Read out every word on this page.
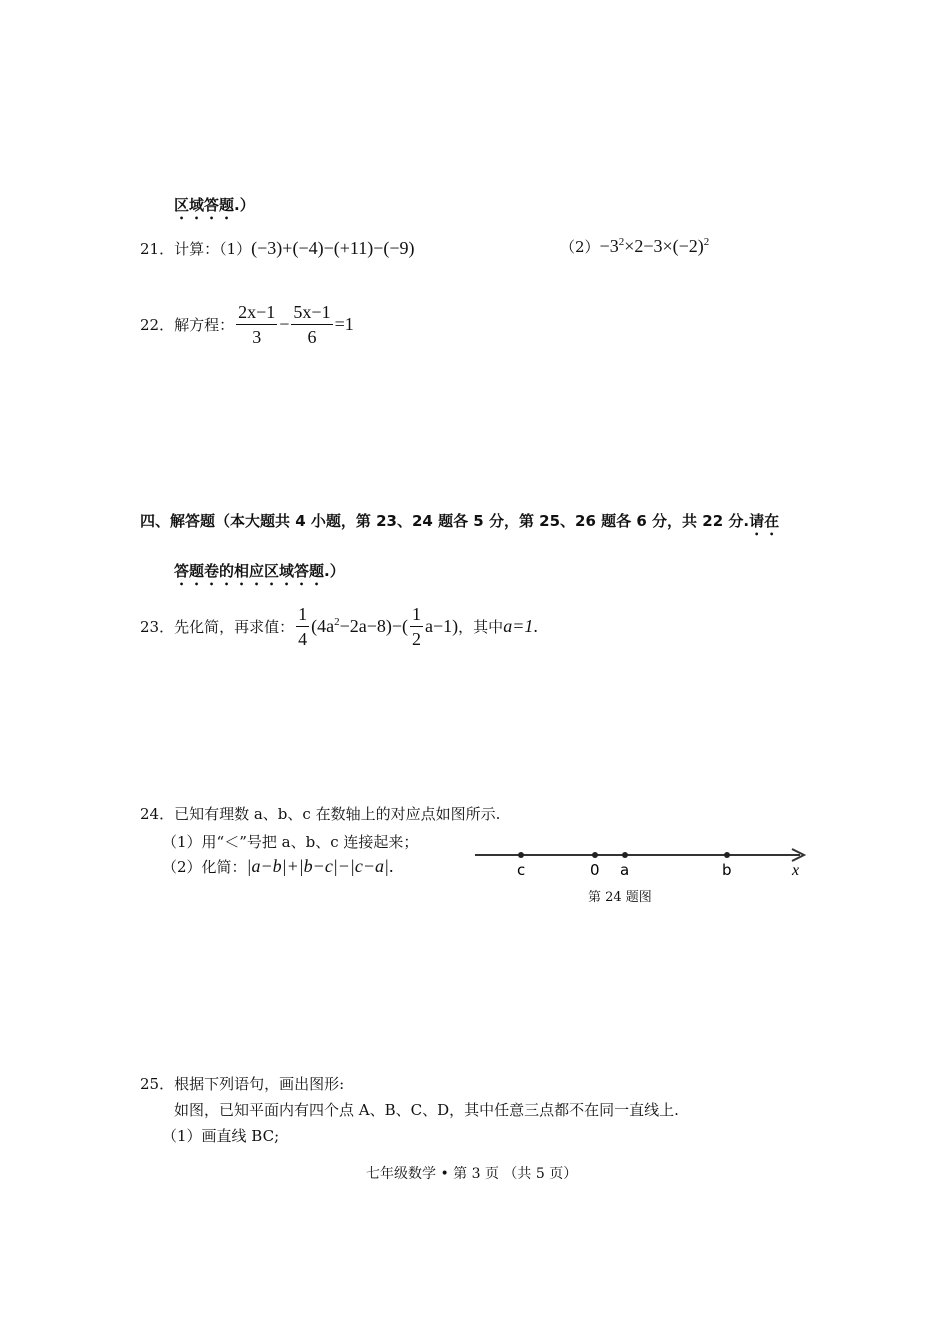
区域答题.）
21．计算：（1）(−3)+(−4)−(+11)−(−9)	$(2)-3^2\times 2-3\times(-2)^2$
22． 解方程： $\frac{2x-1}{3} - \frac{5x-1}{6} =1$
四、解答题（本大题共 4 小题，第 23、24 题各 5 分，第 25、26 题各 6 分，共 22 分.请在
答题卷的相应区域答题.）
23． 先化简，再求值： $\frac{1}{4} (4a^2-2a-8)-( \frac{1}{2} a-1)$ ，其中 a=1 .
24．已知有理数 a、b、c 在数轴上的对应点如图所示.
（1）用“＜”号把 a、b、c 连接起来；
（2）化简：|a−b|+|b−c|−|c−a|.	c	0 a	b	x
第 24 题图
25．根据下列语句，画出图形:
如图，已知平面内有四个点 A、B、C、D，其中任意三点都不在同一直线上.
（1）画直线 BC;
七年级数学 • 第 3 页 （共 5 页）
